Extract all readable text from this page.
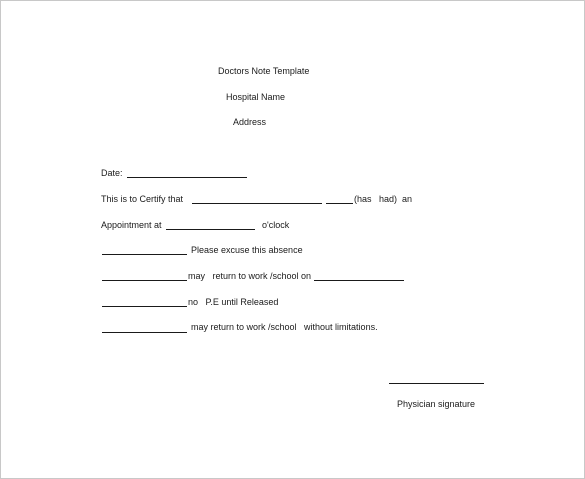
Doctors Note Template
Hospital Name
Address
Date:
This is to Certify that	(has   had)  an
Appointment at	o'clock
Please excuse this absence
may   return to work /school on
no   P.E until Released
may return to work /school   without limitations.
Physician signature
